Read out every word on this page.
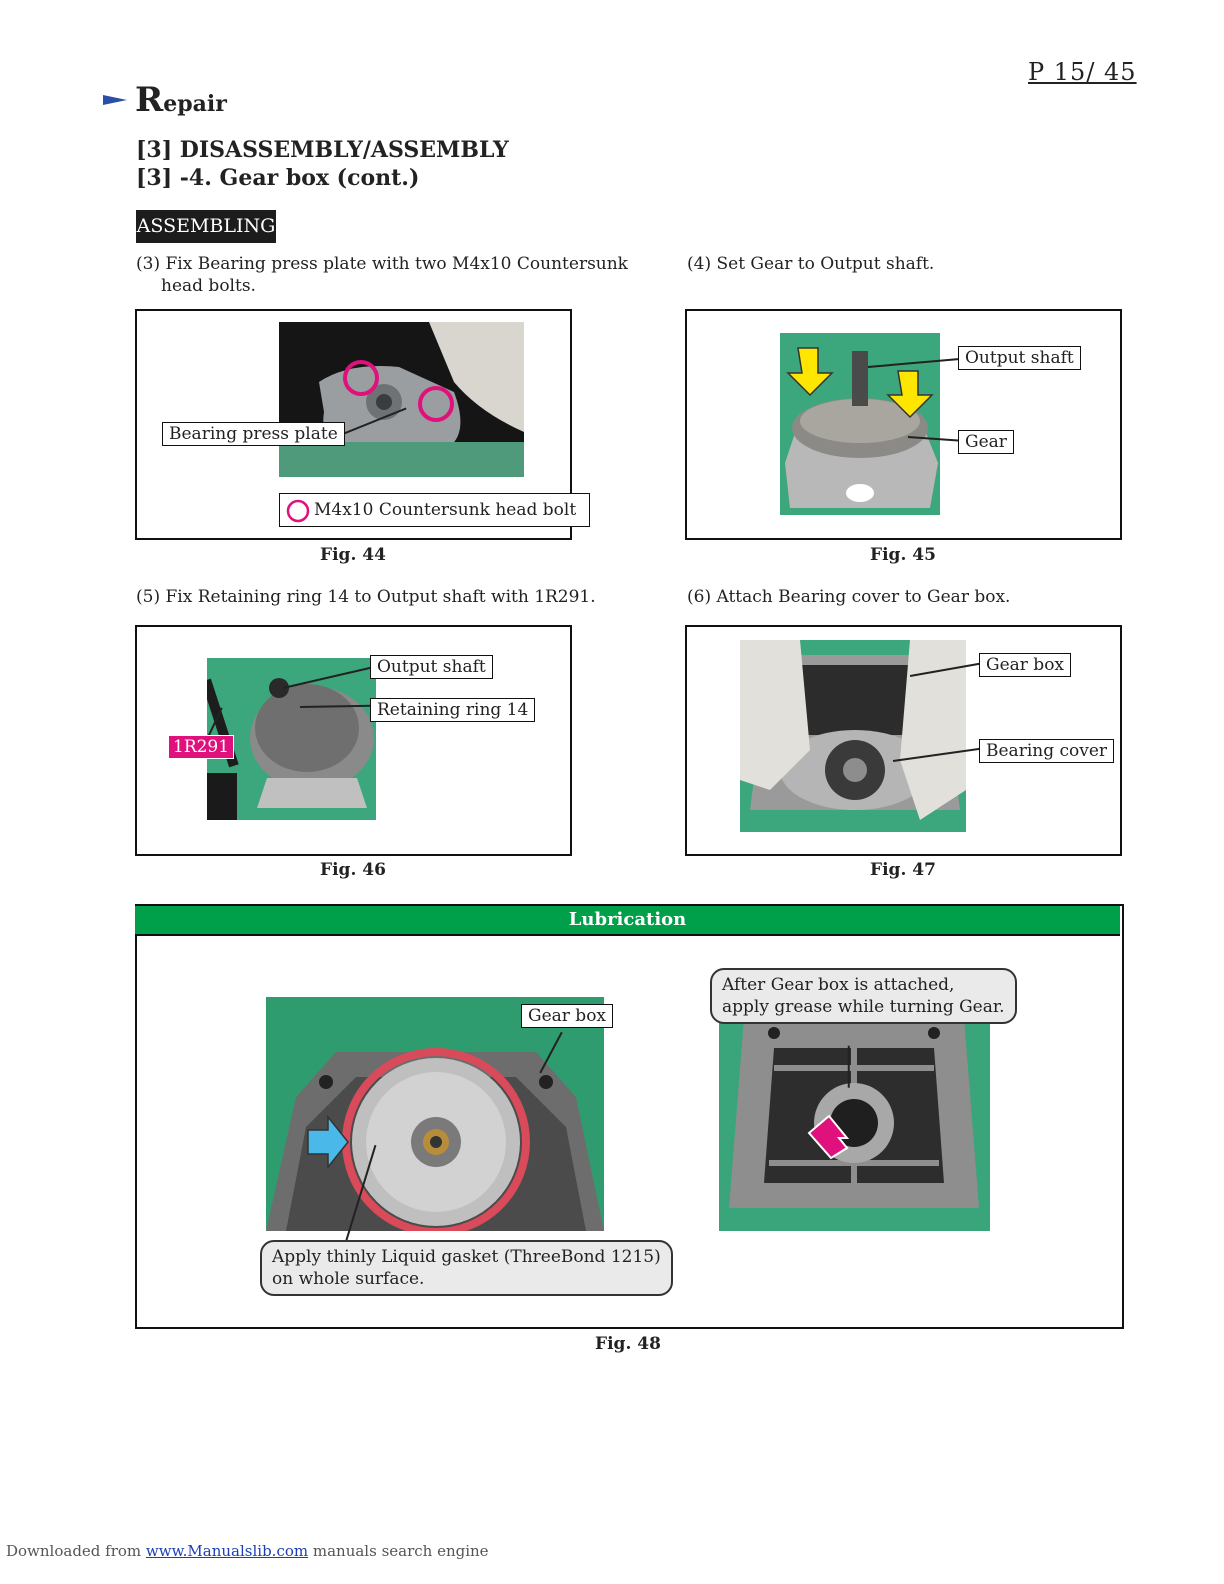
P 15/ 45
Repair
[3] DISASSEMBLY/ASSEMBLY
[3] -4. Gear box (cont.)
ASSEMBLING
(3) Fix Bearing press plate with two M4x10 Countersunk
head bolts.
(4) Set Gear to Output shaft.
(5) Fix Retaining ring 14 to Output shaft with 1R291.	(6) Attach Bearing cover to Gear box.
Bearing press plate
M4x10 Countersunk head bolt
Fig. 44
Output shaft
Gear
Fig. 45
Output shaft
Retaining ring 14
1R291
Fig. 46
Gear box
Bearing cover
Fig. 47
Lubrication
Gear box
After Gear box is attached,
apply grease while turning Gear.
Apply thinly Liquid gasket (ThreeBond 1215)
on whole surface.
Fig. 48
Downloaded from www.Manualslib.com manuals search engine
